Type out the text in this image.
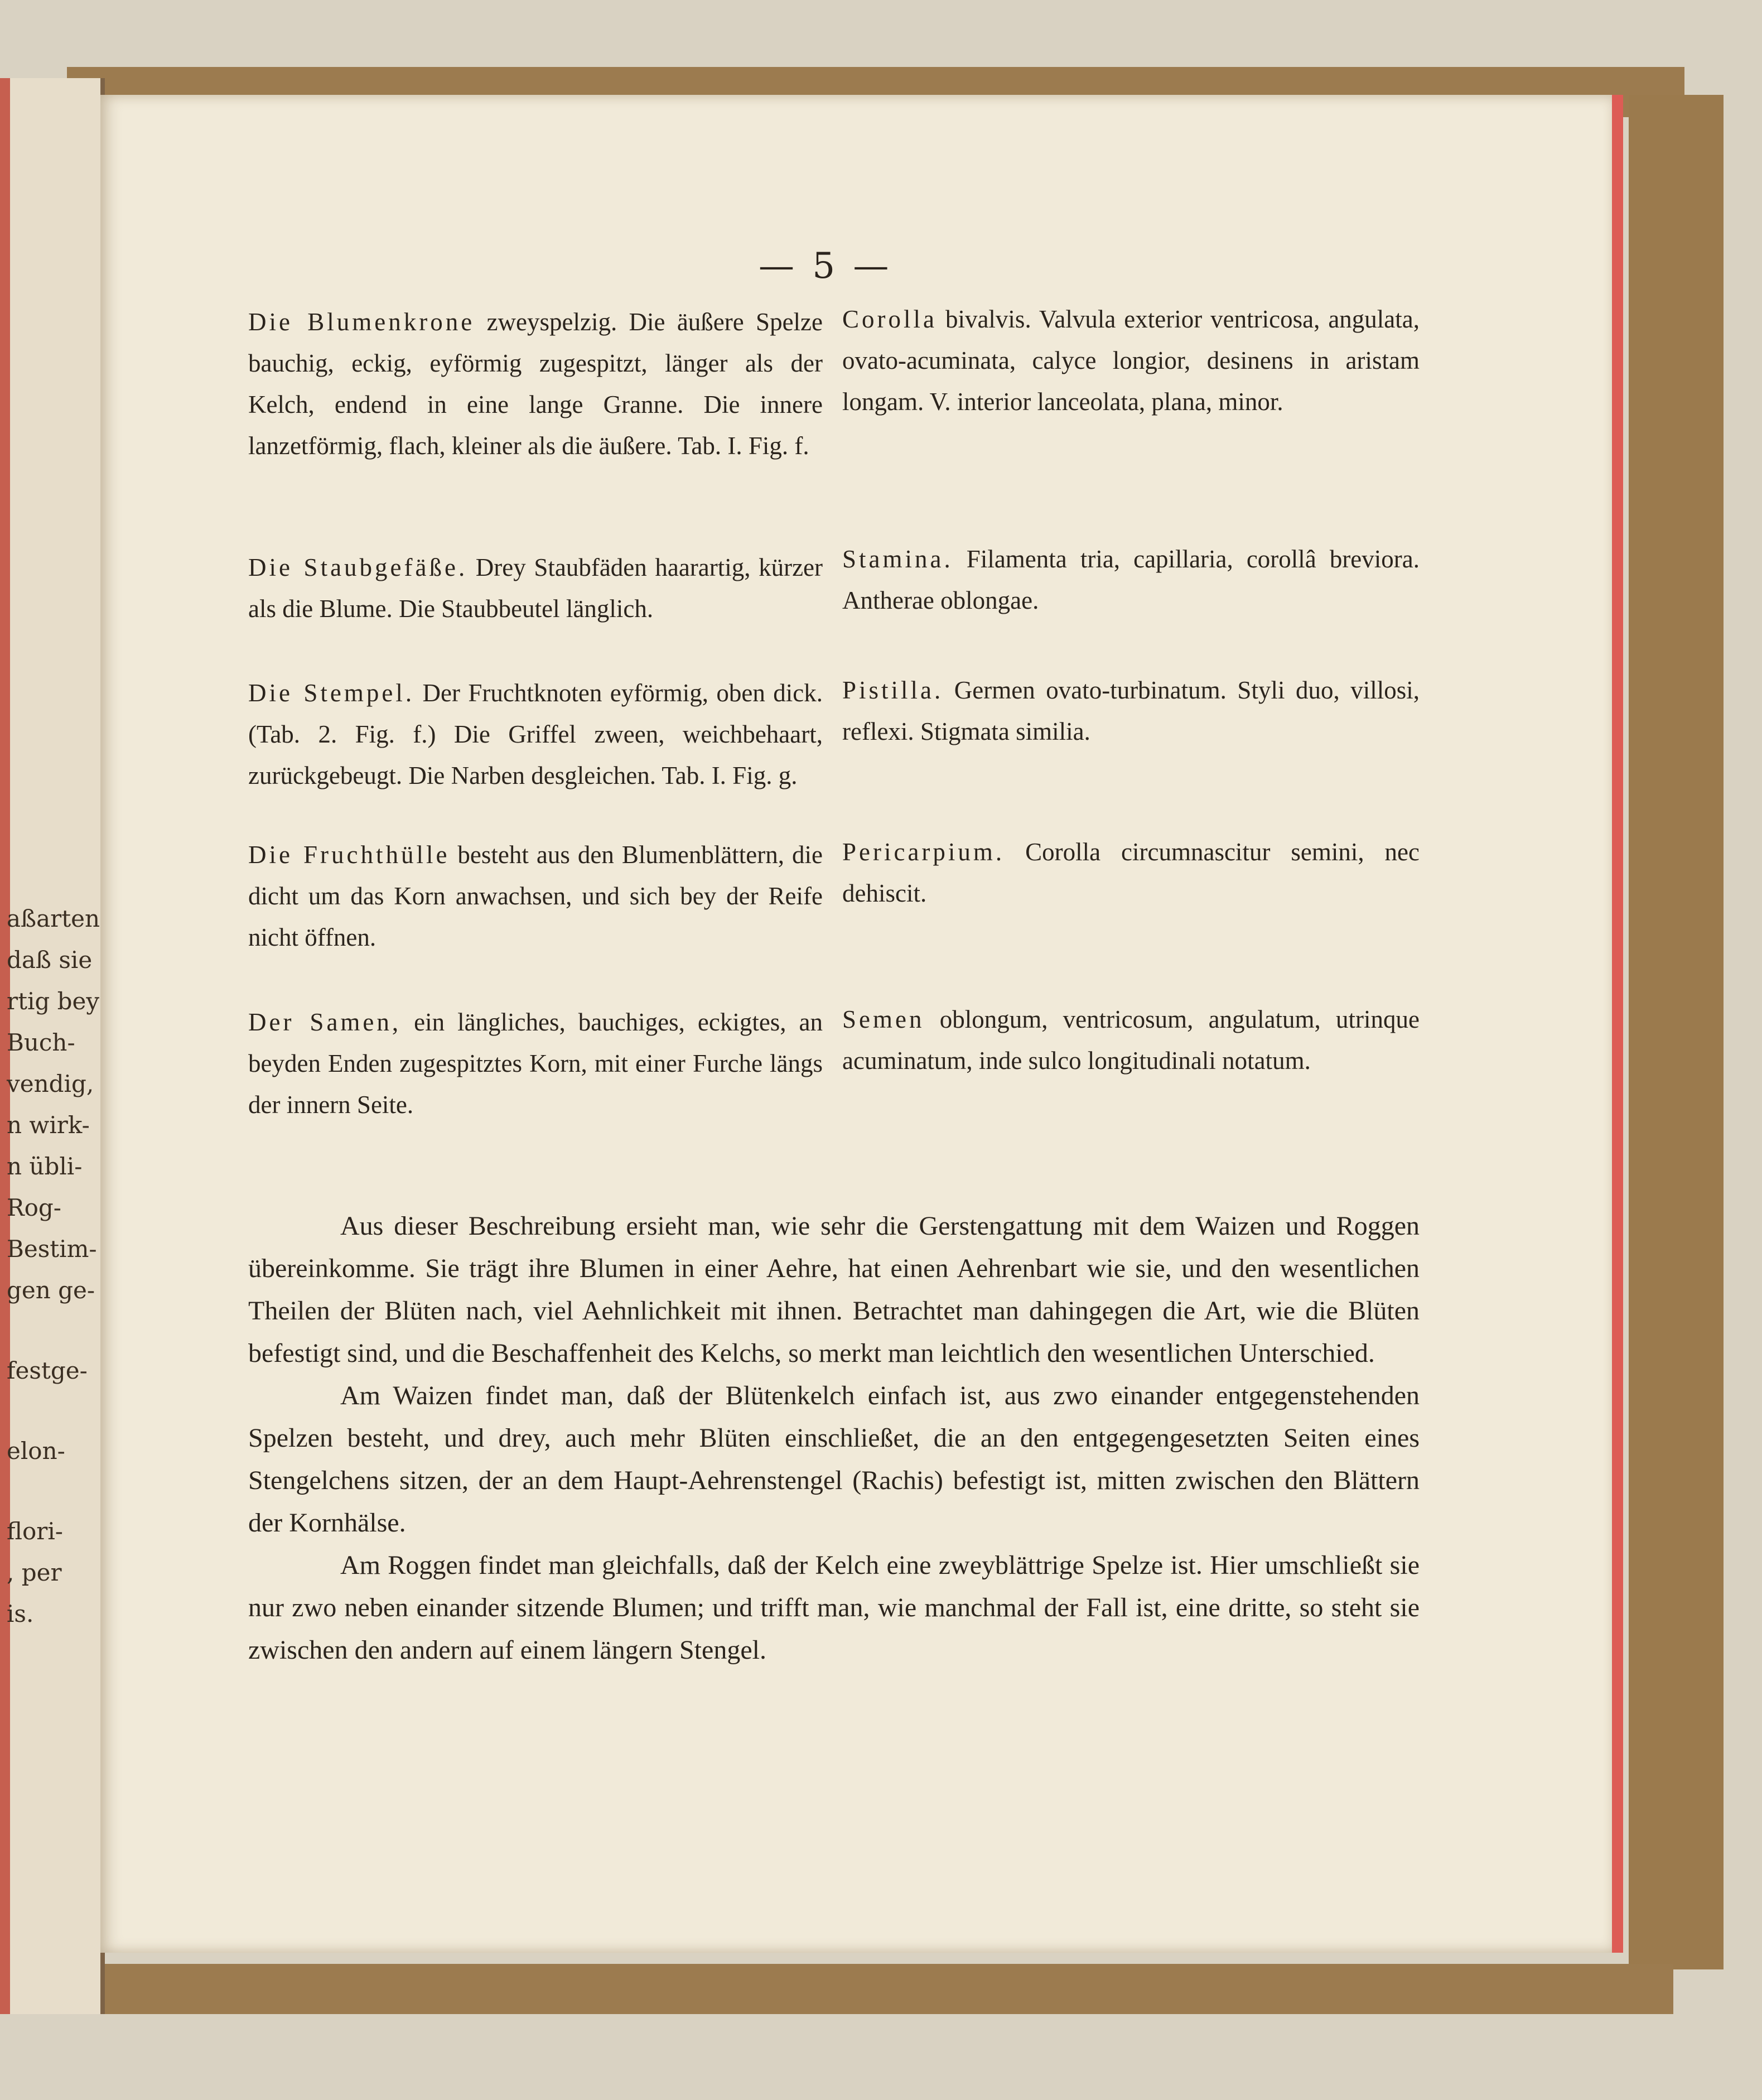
aßarten
daß sie
rtig bey
Buch-
vendig,
n wirk-
n übli-
Rog-
Bestim-
gen ge-
festge-
elon-
flori-
, per
is.
— 5 —

Die Blumenkrone zweyspelzig. Die äußere Spelze bauchig, eckig, eyförmig zugespitzt, länger als der Kelch, endend in eine lange Granne. Die innere lanzetförmig, flach, kleiner als die äußere. Tab. I. Fig. f.

Die Staubgefäße. Drey Staubfäden haarartig, kürzer als die Blume. Die Staubbeutel länglich.

Die Stempel. Der Fruchtknoten eyförmig, oben dick. (Tab. 2. Fig. f.) Die Griffel zween, weichbehaart, zurückgebeugt. Die Narben desgleichen. Tab. I. Fig. g.

Die Fruchthülle besteht aus den Blumenblättern, die dicht um das Korn anwachsen, und sich bey der Reife nicht öffnen.

Der Samen, ein längliches, bauchiges, eckigtes, an beyden Enden zugespitztes Korn, mit einer Furche längs der innern Seite.

Corolla bivalvis. Valvula exterior ventricosa, angulata, ovato-acuminata, calyce longior, desinens in aristam longam. V. interior lanceolata, plana, minor.

Stamina. Filamenta tria, capillaria, corollâ breviora. Antherae oblongae.

Pistilla. Germen ovato-turbinatum. Styli duo, villosi, reflexi. Stigmata similia.

Pericarpium. Corolla circumnascitur semini, nec dehiscit.

Semen oblongum, ventricosum, angulatum, utrinque acuminatum, inde sulco longitudinali notatum.

Aus dieser Beschreibung ersieht man, wie sehr die Gerstengattung mit dem Waizen und Roggen übereinkomme. Sie trägt ihre Blumen in einer Aehre, hat einen Aehrenbart wie sie, und den wesentlichen Theilen der Blüten nach, viel Aehnlichkeit mit ihnen. Betrachtet man dahingegen die Art, wie die Blüten befestigt sind, und die Beschaffenheit des Kelchs, so merkt man leichtlich den wesentlichen Unterschied.

Am Waizen findet man, daß der Blütenkelch einfach ist, aus zwo einander entgegenstehenden Spelzen besteht, und drey, auch mehr Blüten einschließet, die an den entgegengesetzten Seiten eines Stengelchens sitzen, der an dem Haupt-Aehrenstengel (Rachis) befestigt ist, mitten zwischen den Blättern der Kornhälse.

Am Roggen findet man gleichfalls, daß der Kelch eine zweyblättrige Spelze ist. Hier umschließt sie nur zwo neben einander sitzende Blumen; und trifft man, wie manchmal der Fall ist, eine dritte, so steht sie zwischen den andern auf einem längern Stengel.
